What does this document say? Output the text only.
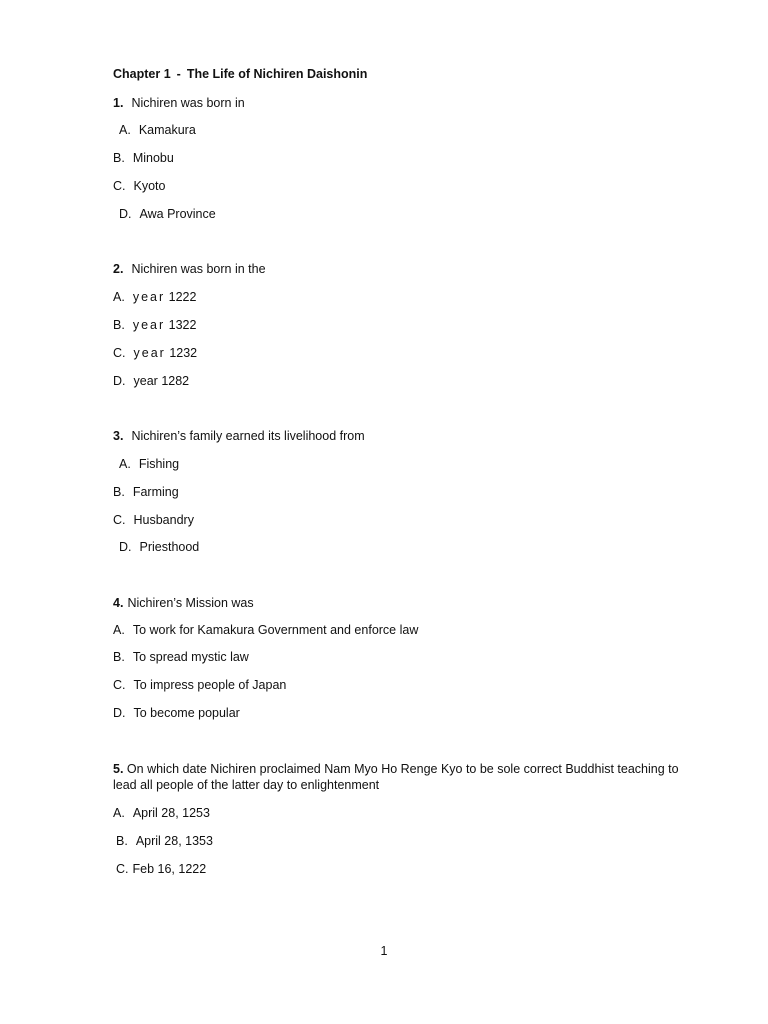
Chapter 1 - The Life of Nichiren Daishonin
1. Nichiren was born in
A. Kamakura
B. Minobu
C. Kyoto
D. Awa Province
2. Nichiren was born in the
A. year 1222
B. year 1322
C. year 1232
D. year 1282
3. Nichiren’s family earned its livelihood from
A. Fishing
B. Farming
C. Husbandry
D. Priesthood
4. Nichiren’s Mission was
A. To work for Kamakura Government and enforce law
B. To spread mystic law
C. To impress people of Japan
D. To become popular
5. On which date Nichiren proclaimed Nam Myo Ho Renge Kyo to be sole correct Buddhist teaching to lead all people of the latter day to enlightenment
A. April 28, 1253
B. April 28, 1353
C. Feb 16, 1222
1
